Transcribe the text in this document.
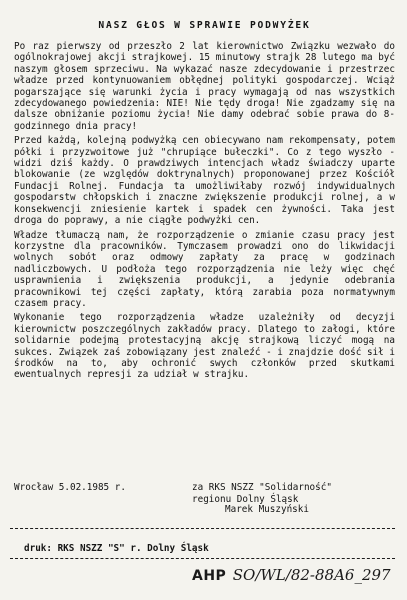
NASZ GŁOS W SPRAWIE PODWYŻEK

Po raz pierwszy od przeszło 2 lat kierownictwo Związku wezwało do ogólnokrajowej akcji strajkowej. 15 minutowy strajk 28 lutego ma być naszym głosem sprzeciwu. Na wykazać nasze zdecydowanie i przestrzec władze przed kontynuowaniem obłędnej polityki gospodarczej. Wciąż pogarszające się warunki życia i pracy wymagają od nas wszystkich zdecydowanego powiedzenia: NIE! Nie tędy droga! Nie zgadzamy się na dalsze obniżanie poziomu życia! Nie damy odebrać sobie prawa do 8-godzinnego dnia pracy!

Przed każdą, kolejną podwyżką cen obiecywano nam rekompensaty, potem półki i przyzwoitowe już "chrupiące bułeczki". Co z tego wyszło - widzi dziś każdy. O prawdziwych intencjach władz świadczy uparte blokowanie (ze względów doktrynalnych) proponowanej przez Kościół Fundacji Rolnej. Fundacja ta umożliwiłaby rozwój indywidualnych gospodarstw chłopskich i znaczne zwiększenie produkcji rolnej, a w konsekwencji zniesienie kartek i spadek cen żywności. Taka jest droga do poprawy, a nie ciągłe podwyżki cen.

Władze tłumaczą nam, że rozporządzenie o zmianie czasu pracy jest korzystne dla pracowników. Tymczasem prowadzi ono do likwidacji wolnych sobót oraz odmowy zapłaty za pracę w godzinach nadliczbowych. U podłoża tego rozporządzenia nie leży więc chęć usprawnienia i zwiększenia produkcji, a jedynie odebrania pracownikowi tej części zapłaty, którą zarabia poza normatywnym czasem pracy.

Wykonanie tego rozporządzenia władze uzależniły od decyzji kierownictw poszczególnych zakładów pracy. Dlatego to załogi, które solidarnie podejmą protestacyjną akcję strajkową liczyć mogą na sukces. Związek zaś zobowiązany jest znaleźć - i znajdzie dość sił i środków na to, aby ochronić swych członków przed skutkami ewentualnych represji za udział w strajku.

Wrocław 5.02.1985 r.	za RKS NSZZ "Solidarność"
regionu Dolny Śląsk
Marek Muszyński
druk: RKS NSZZ "S" r. Dolny Śląsk
AHP SO/WL/82-88A6_297
